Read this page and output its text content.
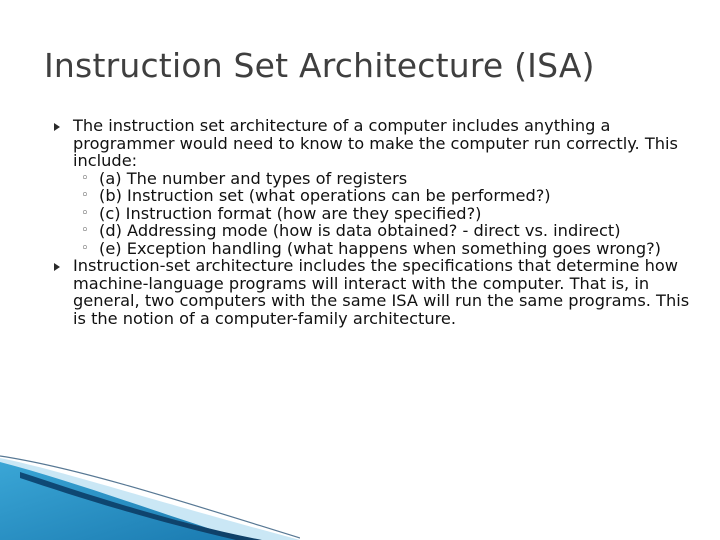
Instruction Set Architecture (ISA)
The instruction set architecture of a computer includes anything a programmer would need to know to make the computer run correctly. This include:
◦ (a) The number and types of registers
◦ (b) Instruction set (what operations can be performed?)
◦ (c) Instruction format (how are they specified?)
◦ (d) Addressing mode (how is data obtained? - direct vs. indirect)
◦ (e) Exception handling (what happens when something goes wrong?)
Instruction-set architecture includes the specifications that determine how machine-language programs will interact with the computer. That is, in general, two computers with the same ISA will run the same programs. This is the notion of a computer-family architecture.
